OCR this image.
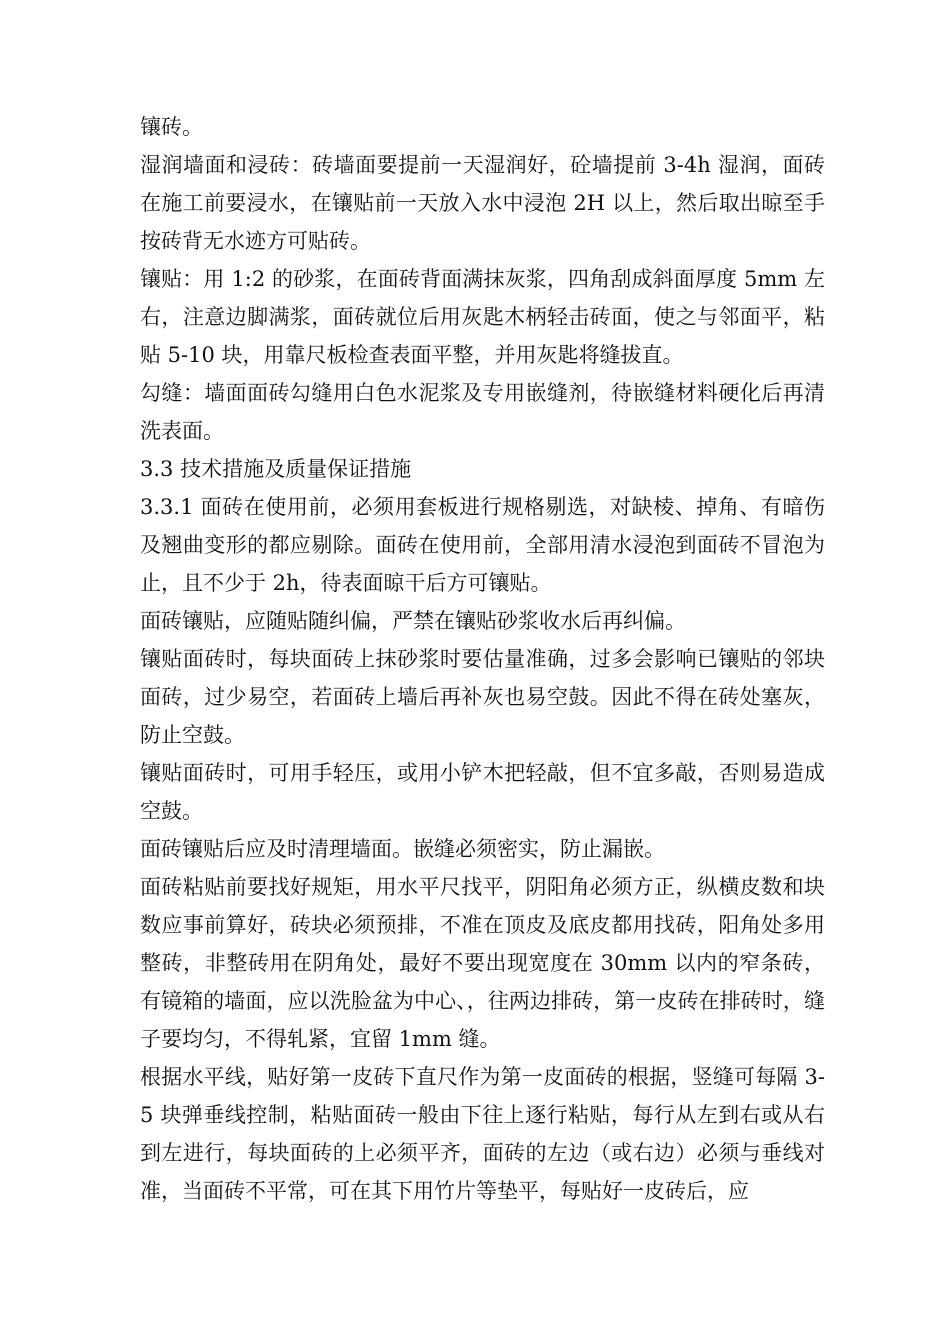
镶砖。

湿润墙面和浸砖：砖墙面要提前一天湿润好，砼墙提前 3-4h 湿润，面砖在施工前要浸水，在镶贴前一天放入水中浸泡 2H 以上，然后取出晾至手按砖背无水迹方可贴砖。

镶贴：用 1:2 的砂浆，在面砖背面满抹灰浆，四角刮成斜面厚度 5mm 左右，注意边脚满浆，面砖就位后用灰匙木柄轻击砖面，使之与邻面平，粘贴 5-10 块，用靠尺板检查表面平整，并用灰匙将缝拔直。

勾缝：墙面面砖勾缝用白色水泥浆及专用嵌缝剂，待嵌缝材料硬化后再清洗表面。

3.3 技术措施及质量保证措施

3.3.1 面砖在使用前，必须用套板进行规格剔选，对缺棱、掉角、有暗伤及翘曲变形的都应剔除。面砖在使用前，全部用清水浸泡到面砖不冒泡为止，且不少于 2h，待表面晾干后方可镶贴。

面砖镶贴，应随贴随纠偏，严禁在镶贴砂浆收水后再纠偏。

镶贴面砖时，每块面砖上抹砂浆时要估量准确，过多会影响已镶贴的邻块面砖，过少易空，若面砖上墙后再补灰也易空鼓。因此不得在砖处塞灰，防止空鼓。

镶贴面砖时，可用手轻压，或用小铲木把轻敲，但不宜多敲，否则易造成空鼓。

面砖镶贴后应及时清理墙面。嵌缝必须密实，防止漏嵌。

面砖粘贴前要找好规矩，用水平尺找平，阴阳角必须方正，纵横皮数和块数应事前算好，砖块必须预排，不准在顶皮及底皮都用找砖，阳角处多用整砖，非整砖用在阴角处，最好不要出现宽度在 30mm 以内的窄条砖，有镜箱的墙面，应以洗脸盆为中心、，往两边排砖，第一皮砖在排砖时，缝子要均匀，不得轧紧，宜留 1mm 缝。

根据水平线，贴好第一皮砖下直尺作为第一皮面砖的根据，竖缝可每隔 3-5 块弹垂线控制，粘贴面砖一般由下往上逐行粘贴，每行从左到右或从右到左进行，每块面砖的上必须平齐，面砖的左边（或右边）必须与垂线对准，当面砖不平常，可在其下用竹片等垫平，每贴好一皮砖后，应
